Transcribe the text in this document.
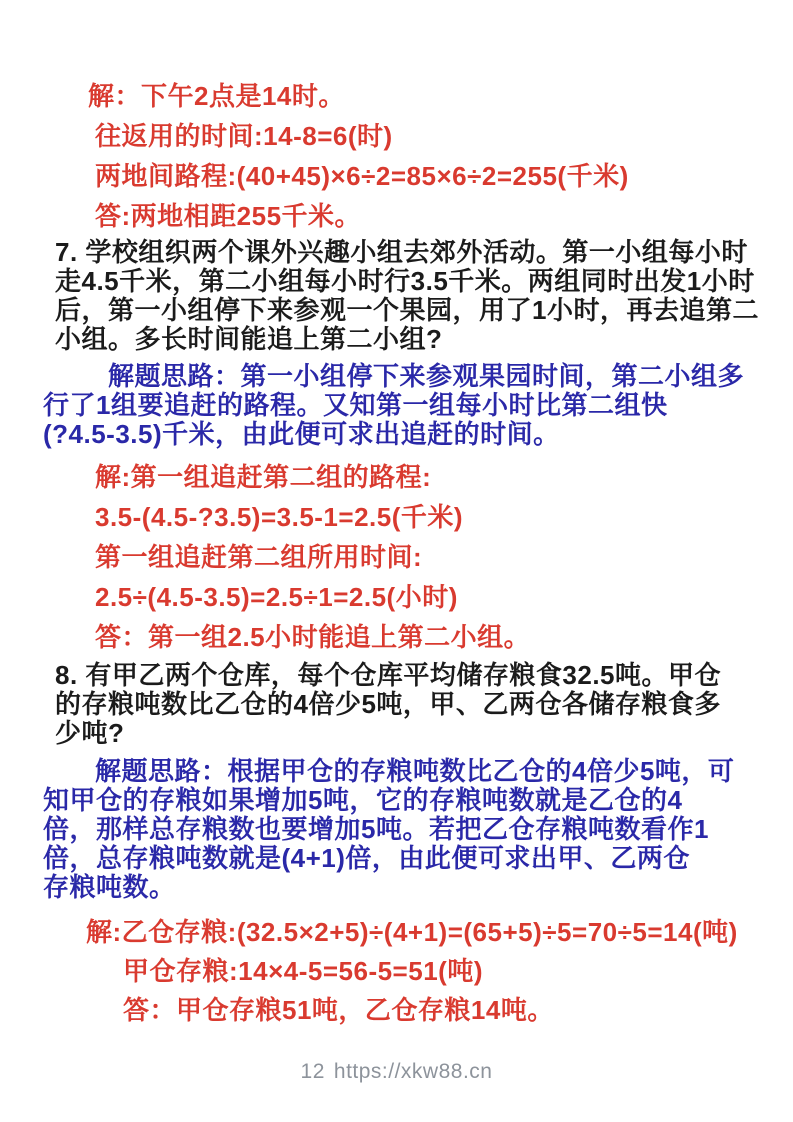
解：下午2点是14时。

往返用的时间:14-8=6(时)

两地间路程:(40+45)×6÷2=85×6÷2=255(千米)

答:两地相距255千米。

7. 学校组织两个课外兴趣小组去郊外活动。第一小组每小时

走4.5千米，第二小组每小时行3.5千米。两组同时出发1小时

后，第一小组停下来参观一个果园，用了1小时，再去追第二

小组。多长时间能追上第二小组?

解题思路：第一小组停下来参观果园时间，第二小组多

行了1组要追赶的路程。又知第一组每小时比第二组快

(?4.5-3.5)千米，由此便可求出追赶的时间。

解:第一组追赶第二组的路程:

3.5-(4.5-?3.5)=3.5-1=2.5(千米)

第一组追赶第二组所用时间:

2.5÷(4.5-3.5)=2.5÷1=2.5(小时)

答：第一组2.5小时能追上第二小组。

8. 有甲乙两个仓库，每个仓库平均储存粮食32.5吨。甲仓

的存粮吨数比乙仓的4倍少5吨，甲、乙两仓各储存粮食多

少吨?

解题思路：根据甲仓的存粮吨数比乙仓的4倍少5吨，可

知甲仓的存粮如果增加5吨，它的存粮吨数就是乙仓的4

倍，那样总存粮数也要增加5吨。若把乙仓存粮吨数看作1

倍，总存粮吨数就是(4+1)倍，由此便可求出甲、乙两仓

存粮吨数。

解:乙仓存粮:(32.5×2+5)÷(4+1)=(65+5)÷5=70÷5=14(吨)

甲仓存粮:14×4-5=56-5=51(吨)

答：甲仓存粮51吨，乙仓存粮14吨。

12 https://xkw88.cn
